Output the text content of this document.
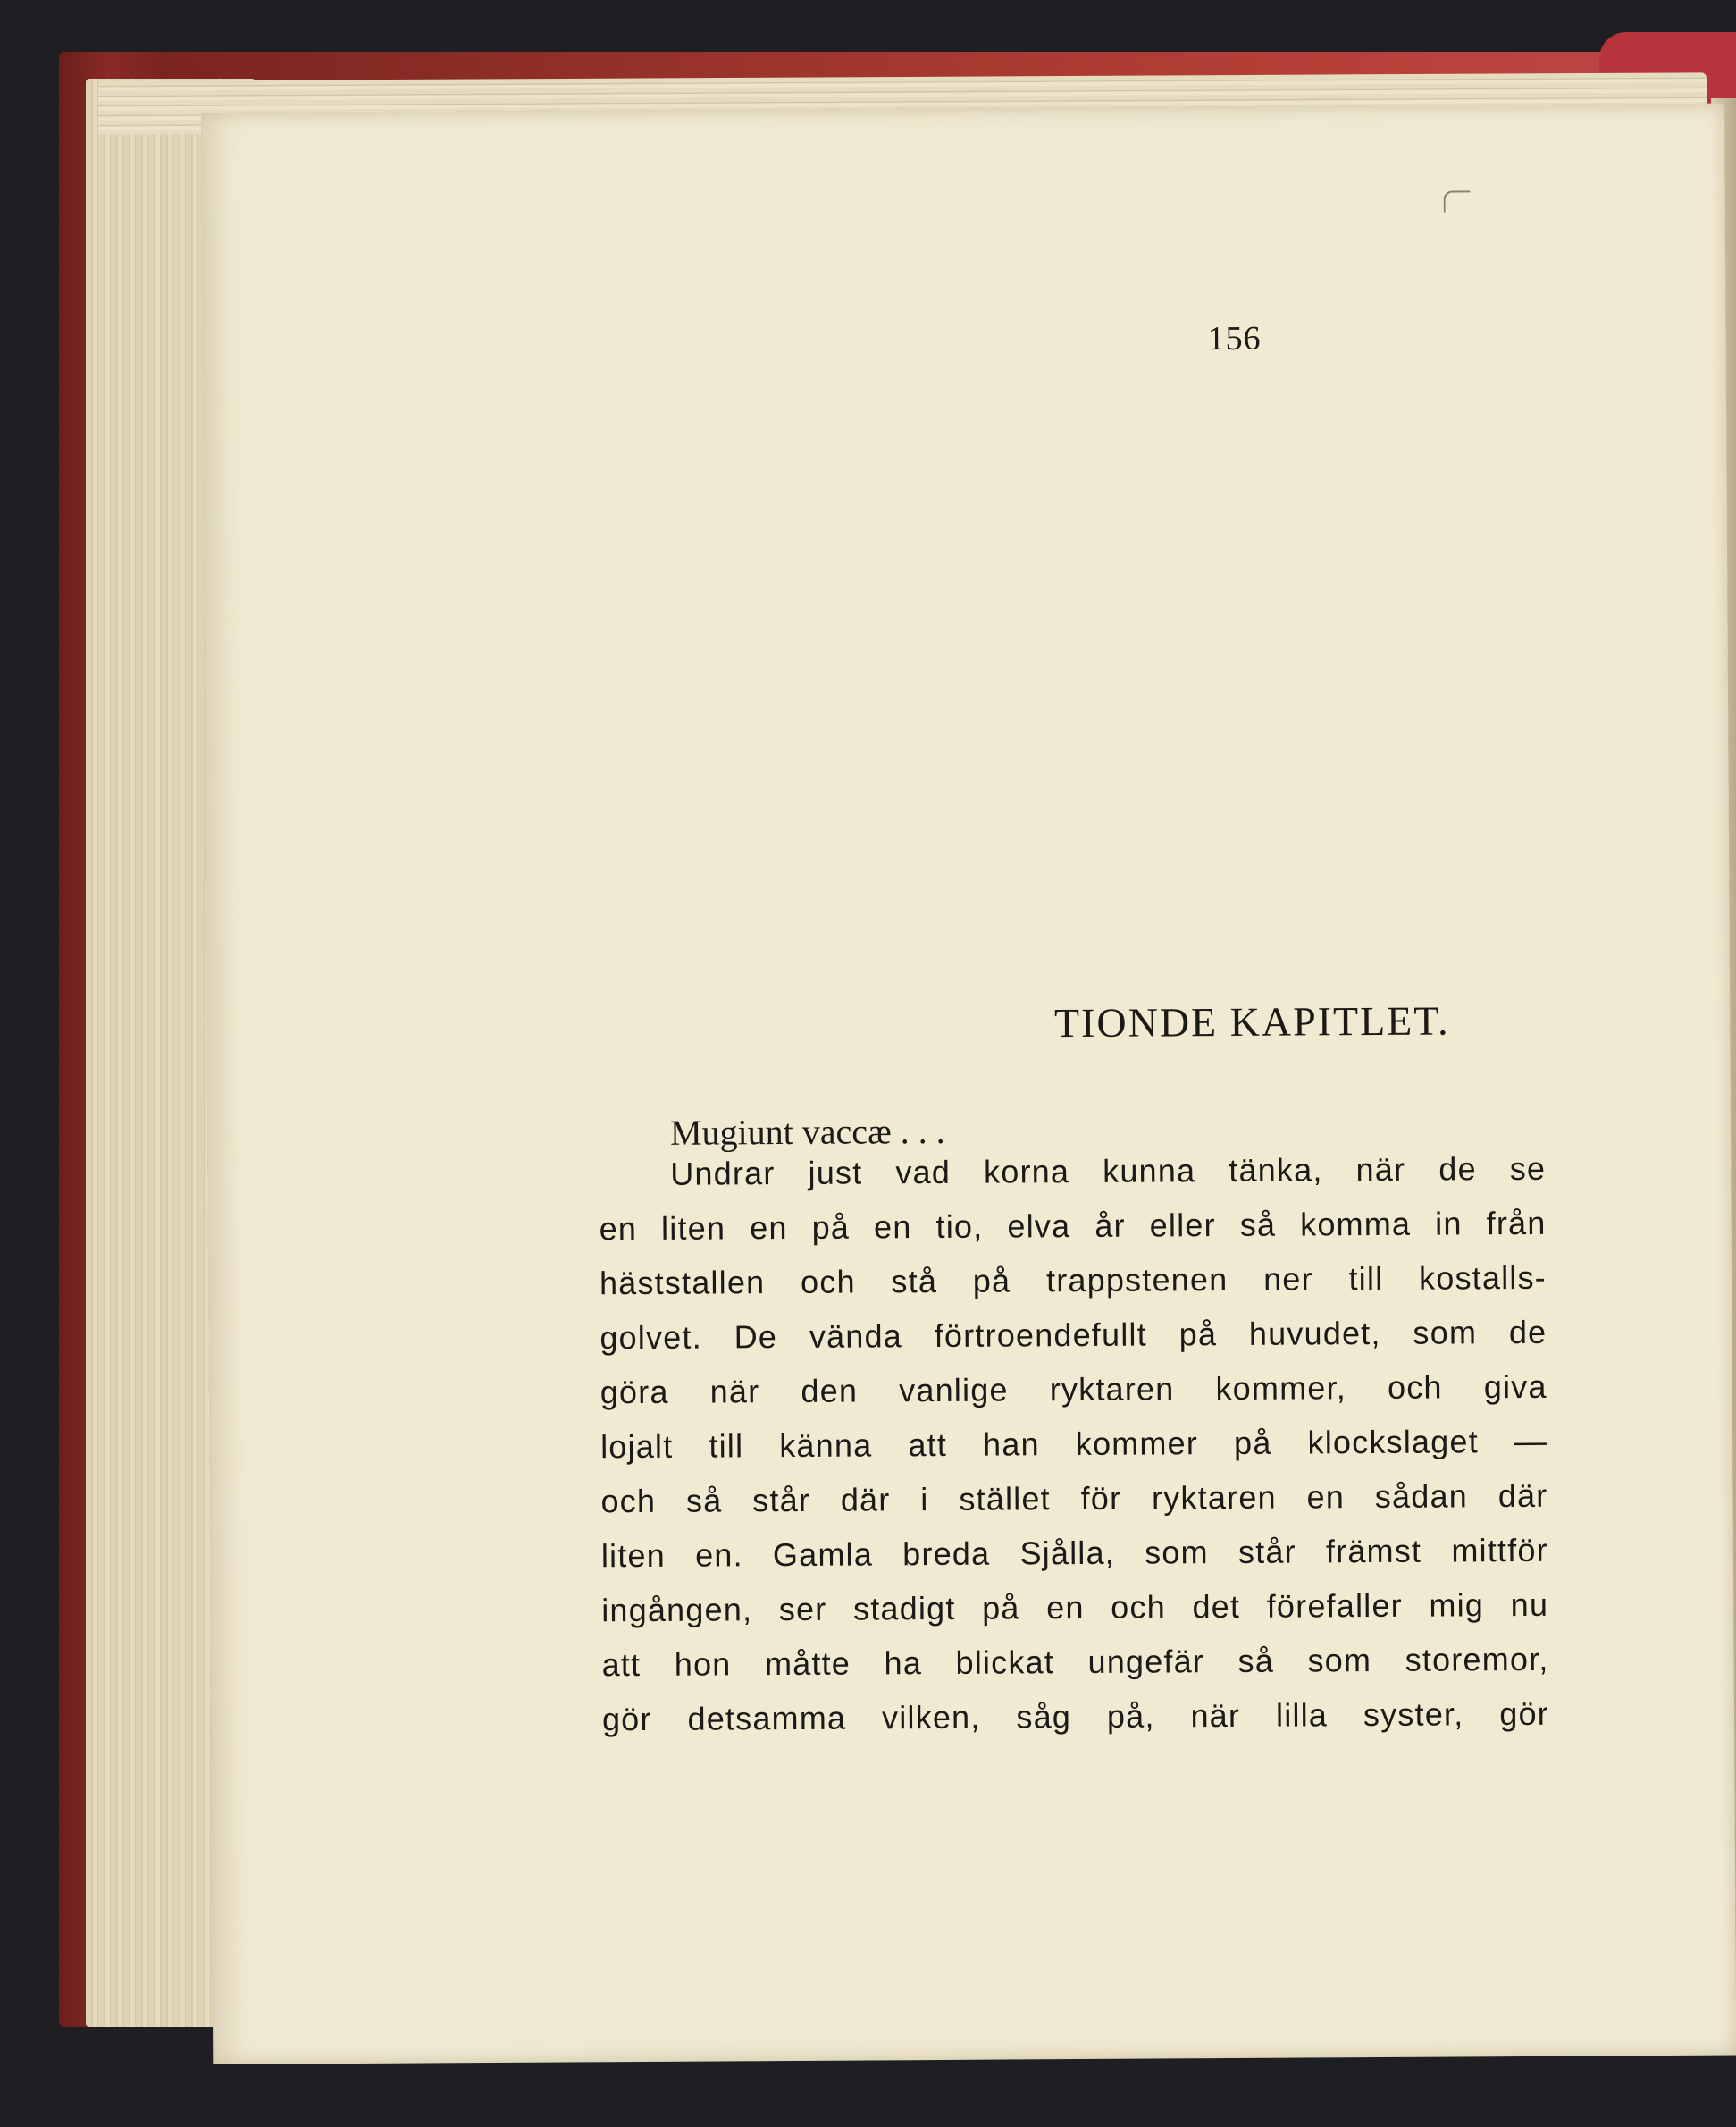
156
TIONDE KAPITLET.
Mugiunt vaccæ . . .
Undrar just vad korna kunna tänka, när de se
en liten en på en tio, elva år eller så komma in från
häststallen och stå på trappstenen ner till kostalls-
golvet. De vända förtroendefullt på huvudet, som de
göra när den vanlige ryktaren kommer, och giva
lojalt till känna att han kommer på klockslaget —
och så står där i stället för ryktaren en sådan där
liten en. Gamla breda Sjålla, som står främst mittför
ingången, ser stadigt på en och det förefaller mig nu
att hon måtte ha blickat ungefär så som storemor,
gör detsamma vilken, såg på, när lilla syster, gör
